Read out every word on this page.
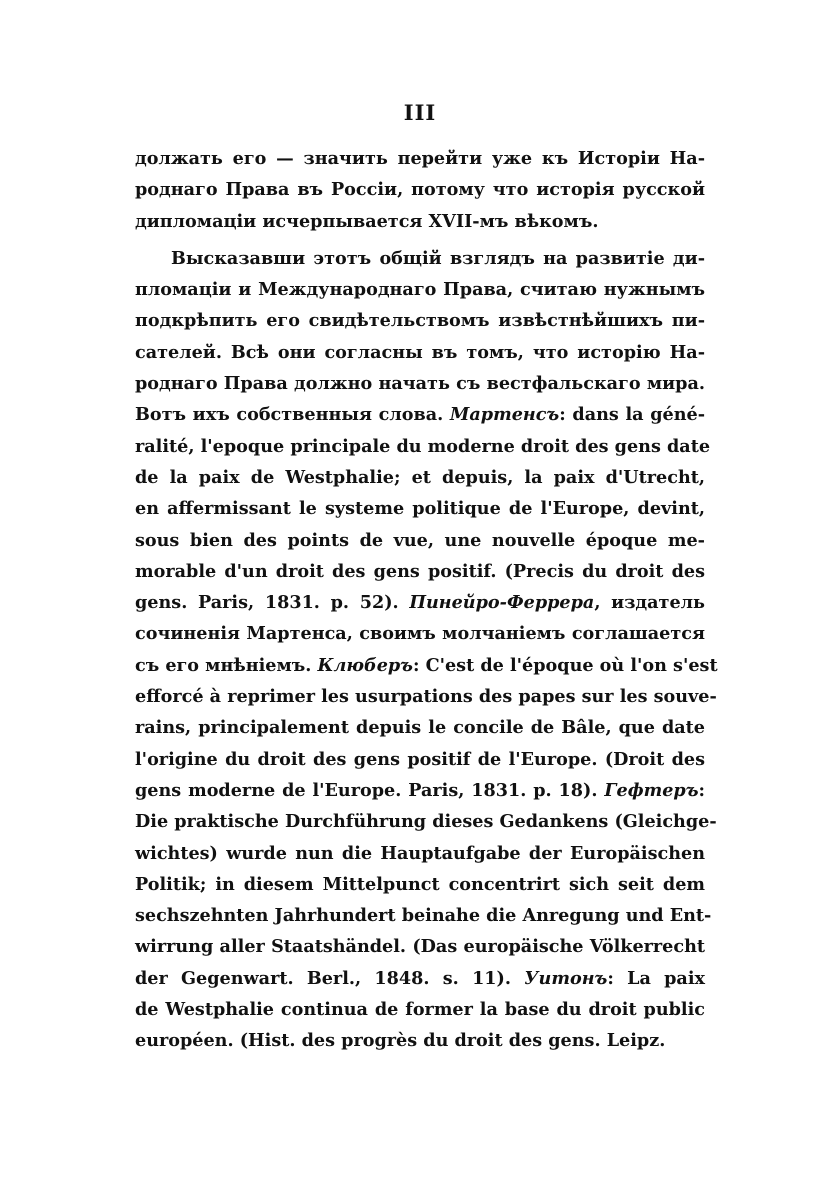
III
должать его — значить перейти уже къ Исторіи На-
роднаго Права въ Россіи, потому что исторія русской
дипломаціи исчерпывается XVII-мъ вѣкомъ.
Высказавши этотъ общій взглядъ на развитіе ди-
пломаціи и Международнаго Права, считаю нужнымъ
подкрѣпить его свидѣтельствомъ извѣстнѣйшихъ пи-
сателей. Всѣ они согласны въ томъ, что исторію На-
роднаго Права должно начать съ вестфальскаго мира.
Вотъ ихъ собственныя слова. Мартенсъ: dans la géné-
ralité, l'epoque principale du moderne droit des gens date
de la paix de Westphalie; et depuis, la paix d'Utrecht,
en affermissant le systeme politique de l'Europe, devint,
sous bien des points de vue, une nouvelle époque me-
morable d'un droit des gens positif. (Precis du droit des
gens. Paris, 1831. p. 52). Пинейро-Феррера, издатель
сочиненія Мартенса, своимъ молчаніемъ соглашается
съ его мнѣніемъ. Клюберъ: C'est de l'époque où l'on s'est
efforcé à reprimer les usurpations des papes sur les souve-
rains, principalement depuis le concile de Bâle, que date
l'origine du droit des gens positif de l'Europe. (Droit des
gens moderne de l'Europe. Paris, 1831. p. 18). Гефтеръ:
Die praktische Durchführung dieses Gedankens (Gleichge-
wichtes) wurde nun die Hauptaufgabe der Europäischen
Politik; in diesem Mittelpunct concentrirt sich seit dem
sechszehnten Jahrhundert beinahe die Anregung und Ent-
wirrung aller Staatshändel. (Das europäische Völkerrecht
der Gegenwart. Berl., 1848. s. 11). Уитонъ: La paix
de Westphalie continua de former la base du droit public
européen. (Hist. des progrès du droit des gens. Leipz.
